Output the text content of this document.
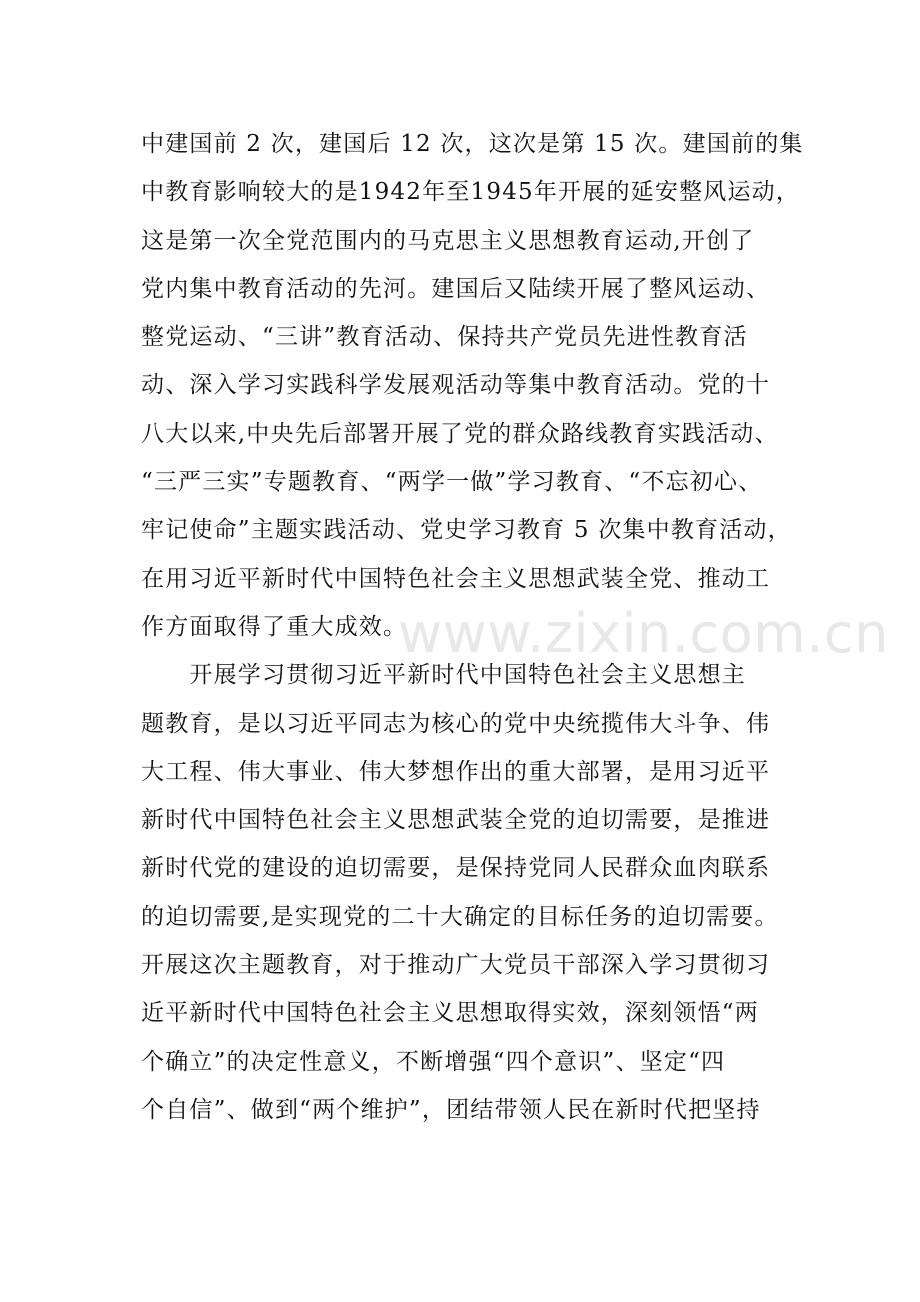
中建国前 2 次，建国后 12 次，这次是第 15 次。建国前的集
中教育影响较大的是1942年至1945年开展的延安整风运动，
这是第一次全党范围内的马克思主义思想教育运动,开创了
党内集中教育活动的先河。建国后又陆续开展了整风运动、
整党运动、“三讲”教育活动、保持共产党员先进性教育活
动、深入学习实践科学发展观活动等集中教育活动。党的十
八大以来,中央先后部署开展了党的群众路线教育实践活动、
“三严三实”专题教育、“两学一做”学习教育、“不忘初心、
牢记使命”主题实践活动、党史学习教育 5 次集中教育活动，
在用习近平新时代中国特色社会主义思想武装全党、推动工
作方面取得了重大成效。
　　开展学习贯彻习近平新时代中国特色社会主义思想主
题教育，是以习近平同志为核心的党中央统揽伟大斗争、伟
大工程、伟大事业、伟大梦想作出的重大部署，是用习近平
新时代中国特色社会主义思想武装全党的迫切需要，是推进
新时代党的建设的迫切需要，是保持党同人民群众血肉联系
的迫切需要,是实现党的二十大确定的目标任务的迫切需要。
开展这次主题教育，对于推动广大党员干部深入学习贯彻习
近平新时代中国特色社会主义思想取得实效，深刻领悟“两
个确立”的决定性意义，不断增强“四个意识”、坚定“四
个自信”、做到“两个维护”，团结带领人民在新时代把坚持
www.zixin.com.cn
